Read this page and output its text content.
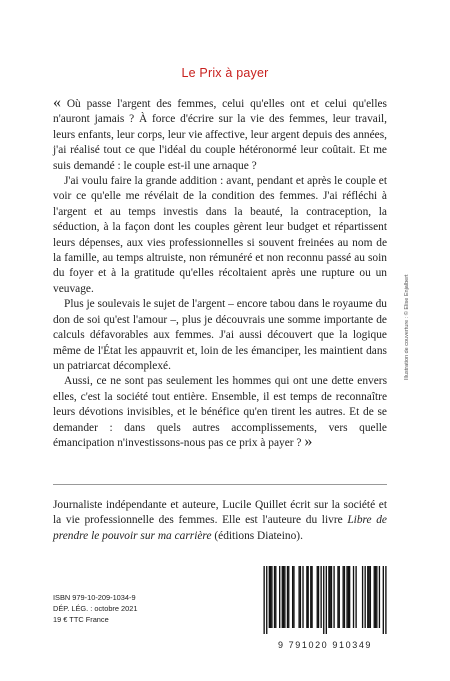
Le Prix à payer

« Où passe l'argent des femmes, celui qu'elles ont et celui qu'elles n'auront jamais ? À force d'écrire sur la vie des femmes, leur travail, leurs enfants, leur corps, leur vie affective, leur argent depuis des années, j'ai réalisé tout ce que l'idéal du couple hétéronormé leur coûtait. Et me suis demandé : le couple est-il une arnaque ?

J'ai voulu faire la grande addition : avant, pendant et après le couple et voir ce qu'elle me révélait de la condition des femmes. J'ai réfléchi à l'argent et au temps investis dans la beauté, la contraception, la séduction, à la façon dont les couples gèrent leur budget et répartissent leurs dépenses, aux vies professionnelles si souvent freinées au nom de la famille, au temps altruiste, non rémunéré et non reconnu passé au soin du foyer et à la gratitude qu'elles récoltaient après une rupture ou un veuvage.

Plus je soulevais le sujet de l'argent – encore tabou dans le royaume du don de soi qu'est l'amour –, plus je découvrais une somme importante de calculs défavorables aux femmes. J'ai aussi découvert que la logique même de l'État les appauvrit et, loin de les émanciper, les maintient dans un patriarcat décomplexé.

Aussi, ce ne sont pas seulement les hommes qui ont une dette envers elles, c'est la société tout entière. Ensemble, il est temps de reconnaître leurs dévotions invisibles, et le bénéfice qu'en tirent les autres. Et de se demander : dans quels autres accomplissements, vers quelle émancipation n'investissons-nous pas ce prix à payer ? »

Journaliste indépendante et auteure, Lucile Quillet écrit sur la société et la vie professionnelle des femmes. Elle est l'auteure du livre Libre de prendre le pouvoir sur ma carrière (éditions Diateino).
Illustration de couverture : © Elise Enjalbert
ISBN 979-10-209-1034-9
DÉP. LÉG. : octobre 2021
19 € TTC France
9 791020 910349
